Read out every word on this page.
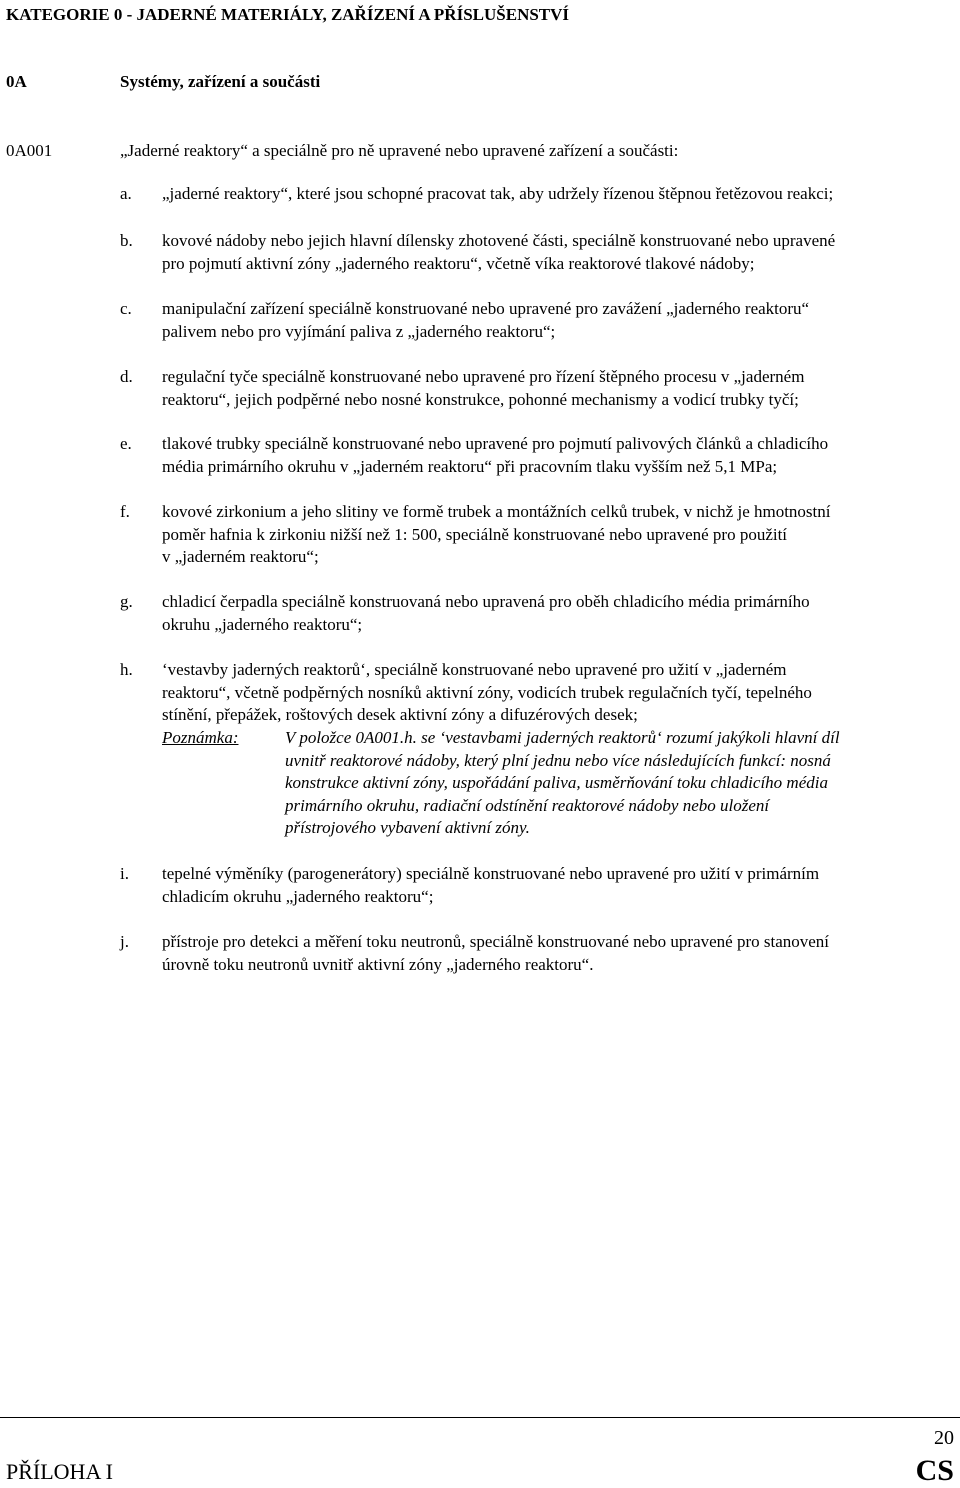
KATEGORIE 0 - JADERNÉ MATERIÁLY, ZAŘÍZENÍ A PŘÍSLUŠENSTVÍ
0A	Systémy, zařízení a součásti
0A001	„Jaderné reaktory“ a speciálně pro ně upravené nebo upravené zařízení a součásti:
a. „jaderné reaktory“, které jsou schopné pracovat tak, aby udržely řízenou štěpnou řetězovou reakci;
b. kovové nádoby nebo jejich hlavní dílensky zhotovené části, speciálně konstruované nebo upravené
pro pojmutí aktivní zóny „jaderného reaktoru“, včetně víka reaktorové tlakové nádoby;
c. manipulační zařízení speciálně konstruované nebo upravené pro zavážení „jaderného reaktoru“
palivem nebo pro vyjímání paliva z „jaderného reaktoru“;
d. regulační tyče speciálně konstruované nebo upravené pro řízení štěpného procesu v „jaderném
reaktoru“, jejich podpěrné nebo nosné konstrukce, pohonné mechanismy a vodicí trubky tyčí;
e. tlakové trubky speciálně konstruované nebo upravené pro pojmutí palivových článků a chladicího
média primárního okruhu v „jaderném reaktoru“ při pracovním tlaku vyšším než 5,1 MPa;
f. kovové zirkonium a jeho slitiny ve formě trubek a montážních celků trubek, v nichž je hmotnostní
poměr hafnia k zirkoniu nižší než 1: 500, speciálně konstruované nebo upravené pro použití
v „jaderném reaktoru“;
g. chladicí čerpadla speciálně konstruovaná nebo upravená pro oběh chladicího média primárního
okruhu „jaderného reaktoru“;
h. ‘vestavby jaderných reaktorů‘, speciálně konstruované nebo upravené pro užití v „jaderném
reaktoru“, včetně podpěrných nosníků aktivní zóny, vodicích trubek regulačních tyčí, tepelného
stínění, přepážek, roštových desek aktivní zóny a difuzérových desek;
Poznámka:	V položce 0A001.h. se ‘vestavbami jaderných reaktorů‘ rozumí jakýkoli hlavní díl
uvnitř reaktorové nádoby, který plní jednu nebo více následujících funkcí: nosná
konstrukce aktivní zóny, uspořádání paliva, usměrňování toku chladicího média
primárního okruhu, radiační odstínění reaktorové nádoby nebo uložení
přístrojového vybavení aktivní zóny.
i. tepelné výměníky (parogenerátory) speciálně konstruované nebo upravené pro užití v primárním
chladicím okruhu „jaderného reaktoru“;
j. přístroje pro detekci a měření toku neutronů, speciálně konstruované nebo upravené pro stanovení
úrovně toku neutronů uvnitř aktivní zóny „jaderného reaktoru“.
20
PŘÍLOHA I	CS
